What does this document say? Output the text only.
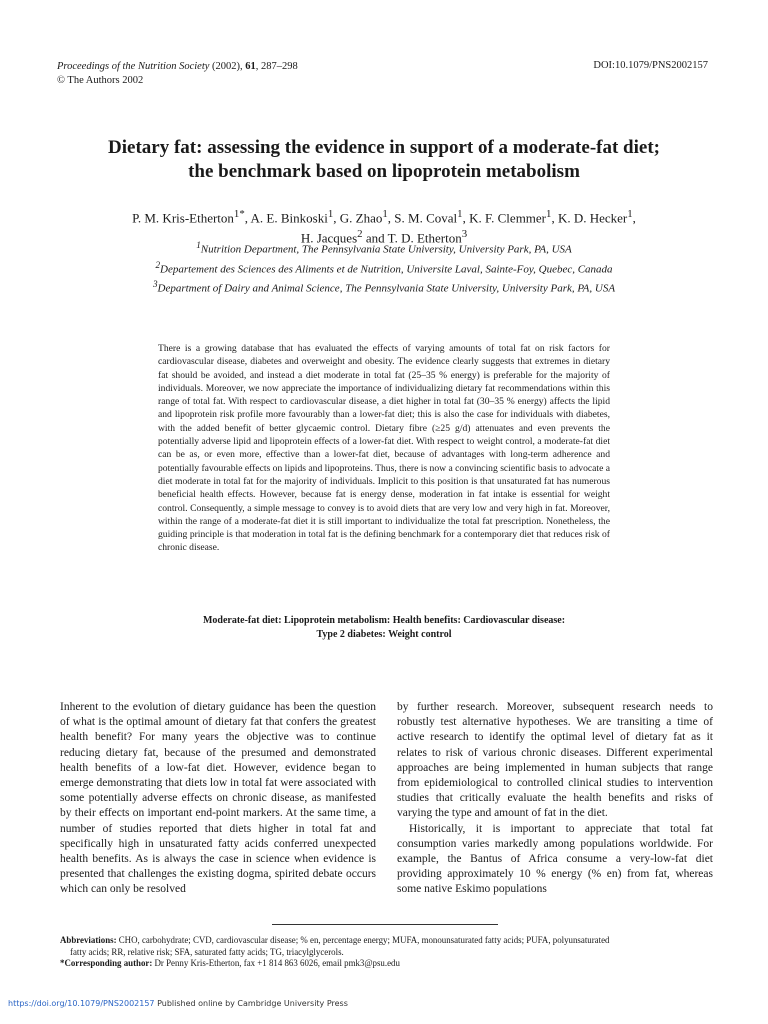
Proceedings of the Nutrition Society (2002), 61, 287–298
© The Authors 2002
DOI:10.1079/PNS2002157
Dietary fat: assessing the evidence in support of a moderate-fat diet;
the benchmark based on lipoprotein metabolism
P. M. Kris-Etherton$^{1*}$, A. E. Binkoski$^1$, G. Zhao$^1$, S. M. Coval$^1$, K. F. Clemmer$^1$, K. D. Hecker$^1$,
H. Jacques$^2$ and T. D. Etherton$^3$
$^1$Nutrition Department, The Pennsylvania State University, University Park, PA, USA
$^2$Departement des Sciences des Aliments et de Nutrition, Universite Laval, Sainte-Foy, Quebec, Canada
$^3$Department of Dairy and Animal Science, The Pennsylvania State University, University Park, PA, USA

There is a growing database that has evaluated the effects of varying amounts of total fat on risk factors for cardiovascular disease, diabetes and overweight and obesity. The evidence clearly suggests that extremes in dietary fat should be avoided, and instead a diet moderate in total fat (25–35 % energy) is preferable for the majority of individuals. Moreover, we now appreciate the importance of individualizing dietary fat recommendations within this range of total fat. With respect to cardiovascular disease, a diet higher in total fat (30–35 % energy) affects the lipid and lipoprotein risk profile more favourably than a lower-fat diet; this is also the case for individuals with diabetes, with the added benefit of better glycaemic control. Dietary fibre (≥25 g/d) attenuates and even prevents the potentially adverse lipid and lipoprotein effects of a lower-fat diet. With respect to weight control, a moderate-fat diet can be as, or even more, effective than a lower-fat diet, because of advantages with long-term adherence and potentially favourable effects on lipids and lipoproteins. Thus, there is now a convincing scientific basis to advocate a diet moderate in total fat for the majority of individuals. Implicit to this position is that unsaturated fat has numerous beneficial health effects. However, because fat is energy dense, moderation in fat intake is essential for weight control. Consequently, a simple message to convey is to avoid diets that are very low and very high in fat. Moreover, within the range of a moderate-fat diet it is still important to individualize the total fat prescription. Nonetheless, the guiding principle is that moderation in total fat is the defining benchmark for a contemporary diet that reduces risk of chronic disease.

Moderate-fat diet: Lipoprotein metabolism: Health benefits: Cardiovascular disease:
Type 2 diabetes: Weight control

Inherent to the evolution of dietary guidance has been the question of what is the optimal amount of dietary fat that confers the greatest health benefit? For many years the objective was to continue reducing dietary fat, because of the presumed and demonstrated health benefits of a low-fat diet. However, evidence began to emerge demonstrating that diets low in total fat were associated with some potentially adverse effects on chronic disease, as manifested by their effects on important end-point markers. At the same time, a number of studies reported that diets higher in total fat and specifically high in unsaturated fatty acids conferred unexpected health benefits. As is always the case in science when evidence is presented that challenges the existing dogma, spirited debate occurs which can only be resolved

by further research. Moreover, subsequent research needs to robustly test alternative hypotheses. We are transiting a time of active research to identify the optimal level of dietary fat as it relates to risk of various chronic diseases. Different experimental approaches are being implemented in human subjects that range from epidemiological to controlled clinical studies to intervention studies that critically evaluate the health benefits and risks of varying the type and amount of fat in the diet.

Historically, it is important to appreciate that total fat consumption varies markedly among populations worldwide. For example, the Bantus of Africa consume a very-low-fat diet providing approximately 10 % energy (% en) from fat, whereas some native Eskimo populations

Abbreviations: CHO, carbohydrate; CVD, cardiovascular disease; % en, percentage energy; MUFA, monounsaturated fatty acids; PUFA, polyunsaturated

fatty acids; RR, relative risk; SFA, saturated fatty acids; TG, triacylglycerols.

*Corresponding author: Dr Penny Kris-Etherton, fax +1 814 863 6026, email pmk3@psu.edu

https://doi.org/10.1079/PNS2002157 Published online by Cambridge University Press
